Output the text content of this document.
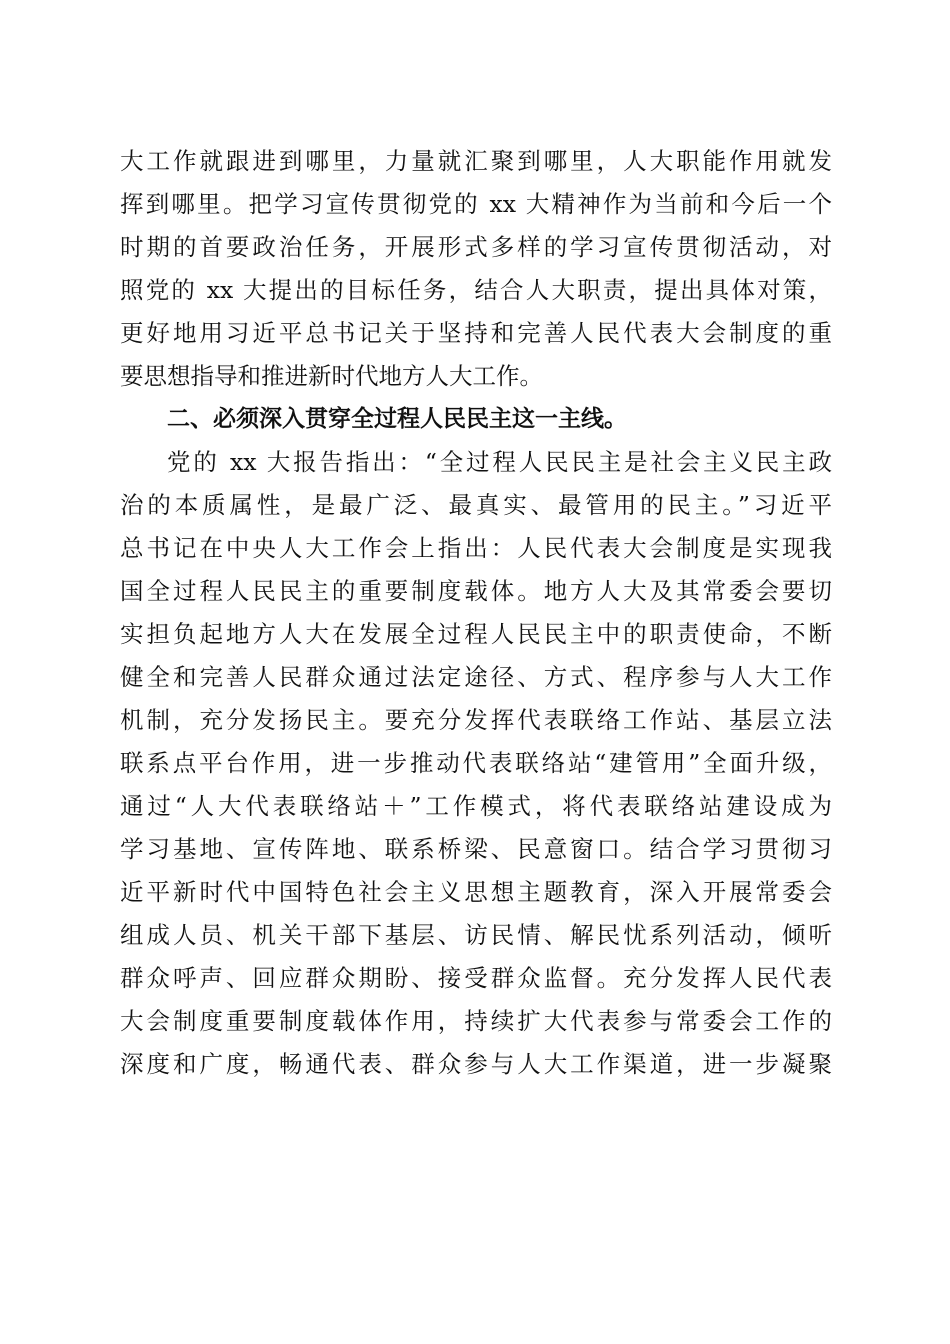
大工作就跟进到哪里，力量就汇聚到哪里，人大职能作用就发
挥到哪里。把学习宣传贯彻党的 xx 大精神作为当前和今后一个
时期的首要政治任务，开展形式多样的学习宣传贯彻活动，对
照党的 xx 大提出的目标任务，结合人大职责，提出具体对策，
更好地用习近平总书记关于坚持和完善人民代表大会制度的重
要思想指导和推进新时代地方人大工作。
二、必须深入贯穿全过程人民民主这一主线。
党的 xx 大报告指出：“全过程人民民主是社会主义民主政
治的本质属性，是最广泛、最真实、最管用的民主。”习近平
总书记在中央人大工作会上指出：人民代表大会制度是实现我
国全过程人民民主的重要制度载体。地方人大及其常委会要切
实担负起地方人大在发展全过程人民民主中的职责使命，不断
健全和完善人民群众通过法定途径、方式、程序参与人大工作
机制，充分发扬民主。要充分发挥代表联络工作站、基层立法
联系点平台作用，进一步推动代表联络站“建管用”全面升级，
通过“人大代表联络站＋”工作模式，将代表联络站建设成为
学习基地、宣传阵地、联系桥梁、民意窗口。结合学习贯彻习
近平新时代中国特色社会主义思想主题教育，深入开展常委会
组成人员、机关干部下基层、访民情、解民忧系列活动，倾听
群众呼声、回应群众期盼、接受群众监督。充分发挥人民代表
大会制度重要制度载体作用，持续扩大代表参与常委会工作的
深度和广度，畅通代表、群众参与人大工作渠道，进一步凝聚
